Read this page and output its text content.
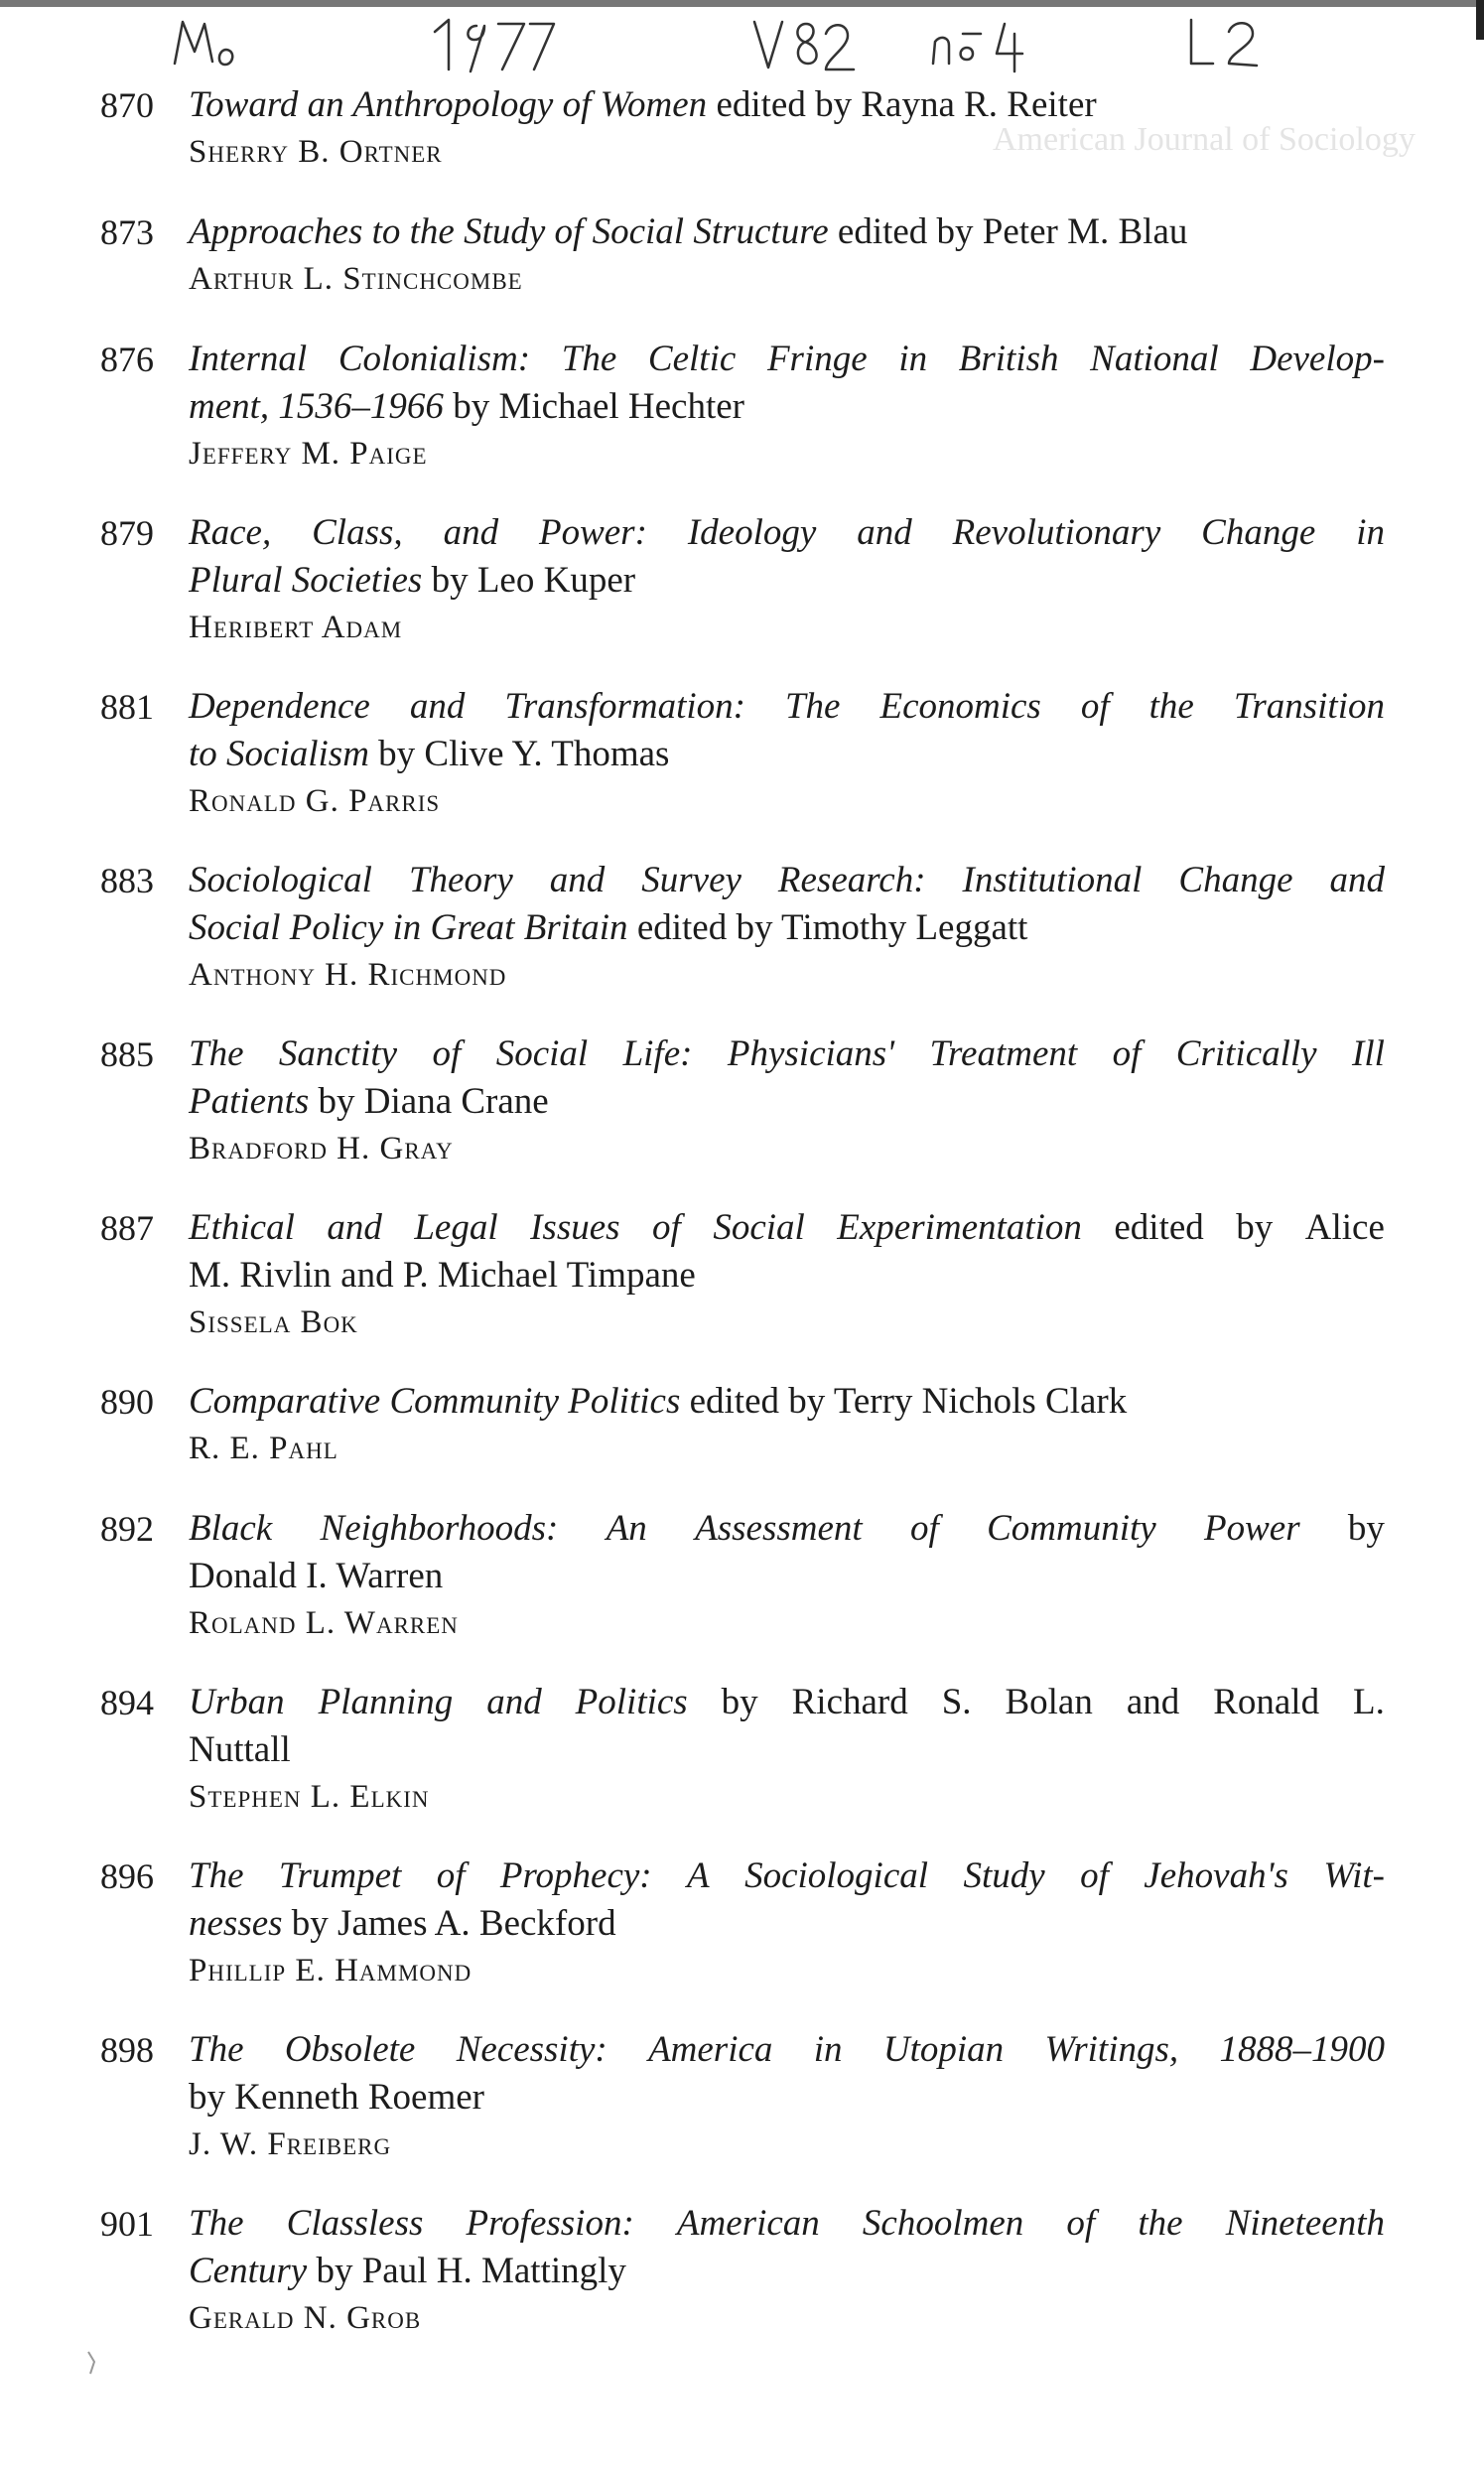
American Journal of Sociology
870 Toward an Anthropology of Women edited by Rayna R. Reiter
Sherry B. Ortner
873 Approaches to the Study of Social Structure edited by Peter M. Blau
Arthur L. Stinchcombe
876 Internal Colonialism: The Celtic Fringe in British National Develop-
ment, 1536–1966 by Michael Hechter
Jeffery M. Paige
879 Race, Class, and Power: Ideology and Revolutionary Change in
Plural Societies by Leo Kuper
Heribert Adam
881 Dependence and Transformation: The Economics of the Transition
to Socialism by Clive Y. Thomas
Ronald G. Parris
883 Sociological Theory and Survey Research: Institutional Change and
Social Policy in Great Britain edited by Timothy Leggatt
Anthony H. Richmond
885 The Sanctity of Social Life: Physicians' Treatment of Critically Ill
Patients by Diana Crane
Bradford H. Gray
887 Ethical and Legal Issues of Social Experimentation edited by Alice
M. Rivlin and P. Michael Timpane
Sissela Bok
890 Comparative Community Politics edited by Terry Nichols Clark
R. E. Pahl
892 Black Neighborhoods: An Assessment of Community Power by
Donald I. Warren
Roland L. Warren
894 Urban Planning and Politics by Richard S. Bolan and Ronald L.
Nuttall
Stephen L. Elkin
896 The Trumpet of Prophecy: A Sociological Study of Jehovah's Wit-
nesses by James A. Beckford
Phillip E. Hammond
898 The Obsolete Necessity: America in Utopian Writings, 1888–1900
by Kenneth Roemer
J. W. Freiberg
901 The Classless Profession: American Schoolmen of the Nineteenth
Century by Paul H. Mattingly
Gerald N. Grob
